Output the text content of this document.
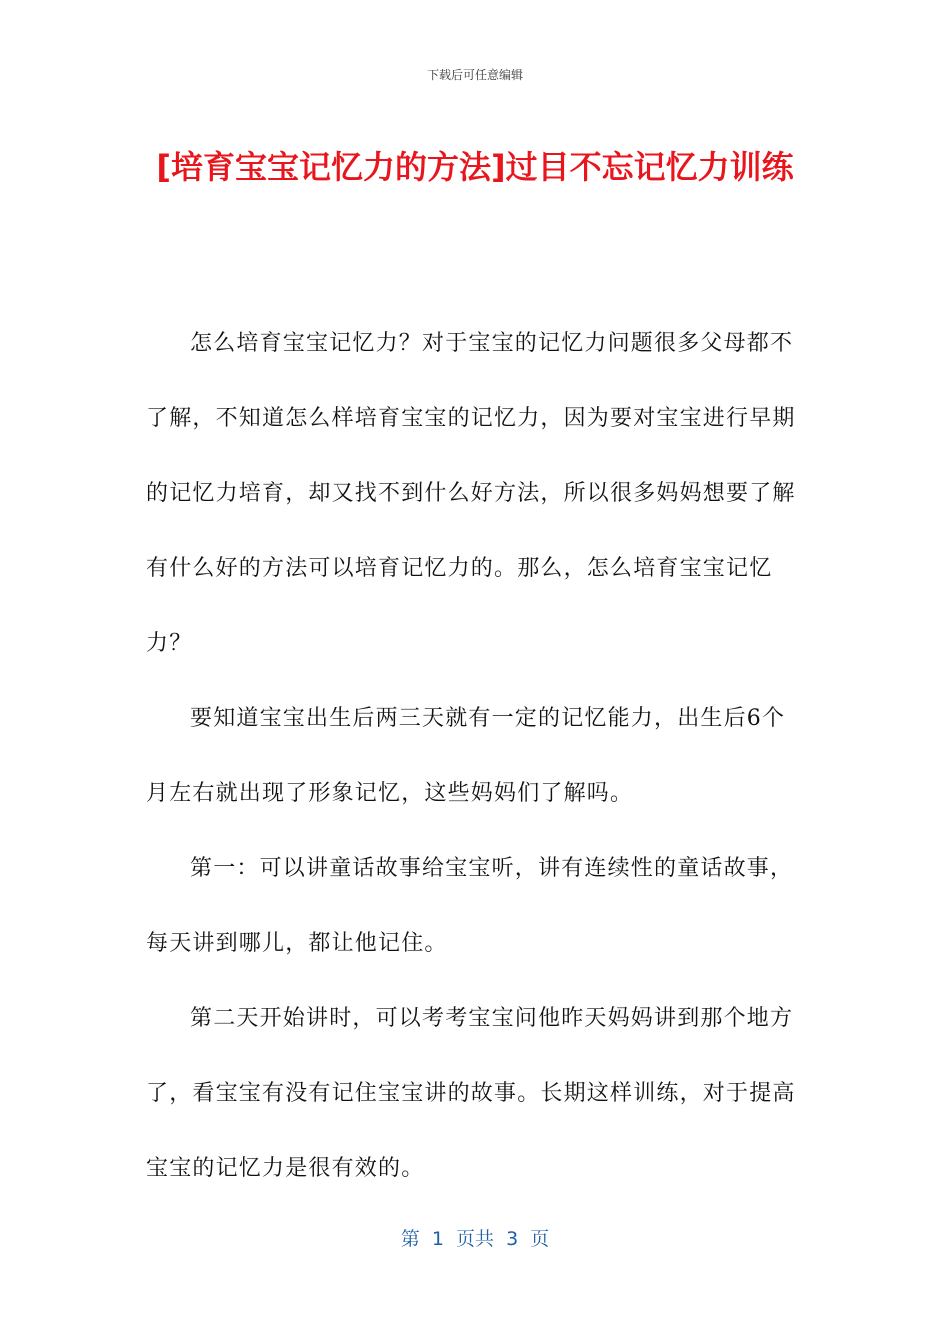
下载后可任意编辑
[培育宝宝记忆力的方法]过目不忘记忆力训练

怎么培育宝宝记忆力？对于宝宝的记忆力问题很多父母都不了解，不知道怎么样培育宝宝的记忆力，因为要对宝宝进行早期的记忆力培育，却又找不到什么好方法，所以很多妈妈想要了解有什么好的方法可以培育记忆力的。那么，怎么培育宝宝记忆力？

要知道宝宝出生后两三天就有一定的记忆能力，出生后6个月左右就出现了形象记忆，这些妈妈们了解吗。

第一：可以讲童话故事给宝宝听，讲有连续性的童话故事，每天讲到哪儿，都让他记住。

第二天开始讲时，可以考考宝宝问他昨天妈妈讲到那个地方了，看宝宝有没有记住宝宝讲的故事。长期这样训练，对于提高宝宝的记忆力是很有效的。

第  1  页共  3  页
